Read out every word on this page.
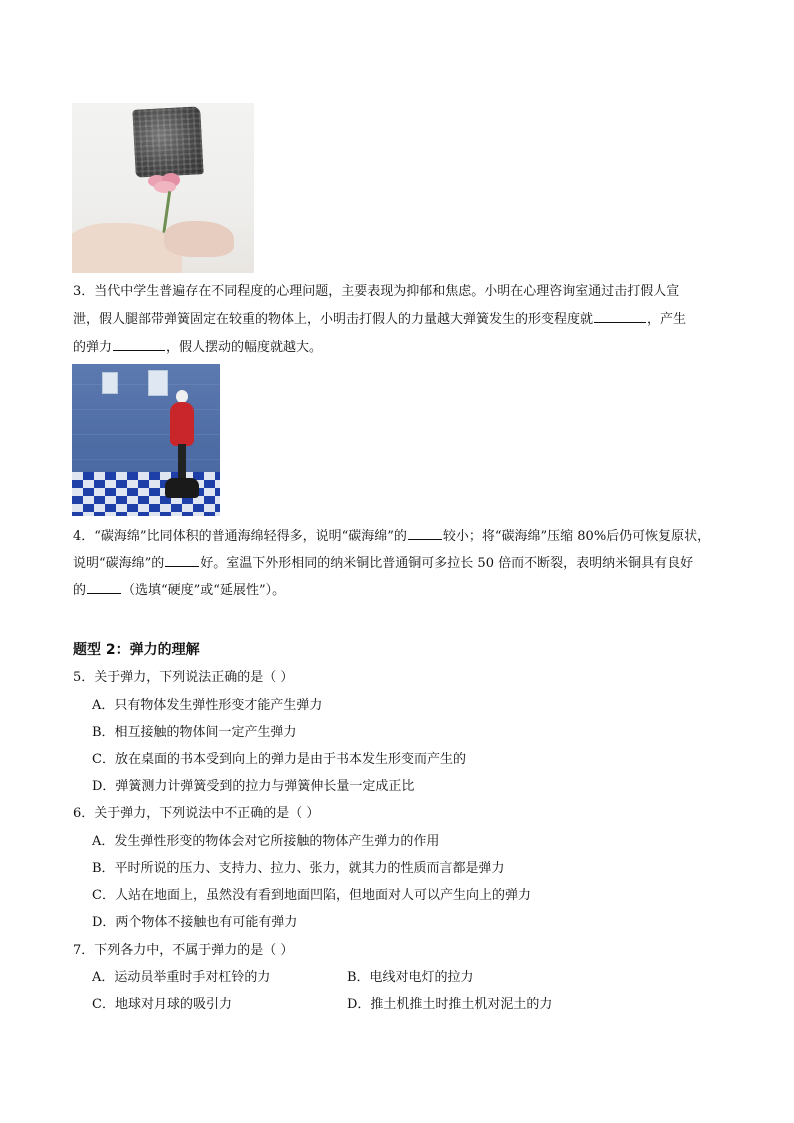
3．当代中学生普遍存在不同程度的心理问题，主要表现为抑郁和焦虑。小明在心理咨询室通过击打假人宣
泄，假人腿部带弹簧固定在较重的物体上，小明击打假人的力量越大弹簧发生的形变程度就	，产生
的弹力	，假人摆动的幅度就越大。
4．“碳海绵”比同体积的普通海绵轻得多，说明“碳海绵”的	较小；将“碳海绵”压缩 80%后仍可恢复原状，
说明“碳海绵”的	好。室温下外形相同的纳米铜比普通铜可多拉长 50 倍而不断裂，表明纳米铜具有良好
的	（选填“硬度”或“延展性”）。
题型 2：弹力的理解
5．关于弹力，下列说法正确的是（ ）
A．只有物体发生弹性形变才能产生弹力
B．相互接触的物体间一定产生弹力
C．放在桌面的书本受到向上的弹力是由于书本发生形变而产生的
D．弹簧测力计弹簧受到的拉力与弹簧伸长量一定成正比
6．关于弹力，下列说法中不正确的是（ ）
A．发生弹性形变的物体会对它所接触的物体产生弹力的作用
B．平时所说的压力、支持力、拉力、张力，就其力的性质而言都是弹力
C．人站在地面上，虽然没有看到地面凹陷，但地面对人可以产生向上的弹力
D．两个物体不接触也有可能有弹力
7．下列各力中，不属于弹力的是（ ）
A．运动员举重时手对杠铃的力	B．电线对电灯的拉力
C．地球对月球的吸引力	D．推土机推土时推土机对泥土的力
